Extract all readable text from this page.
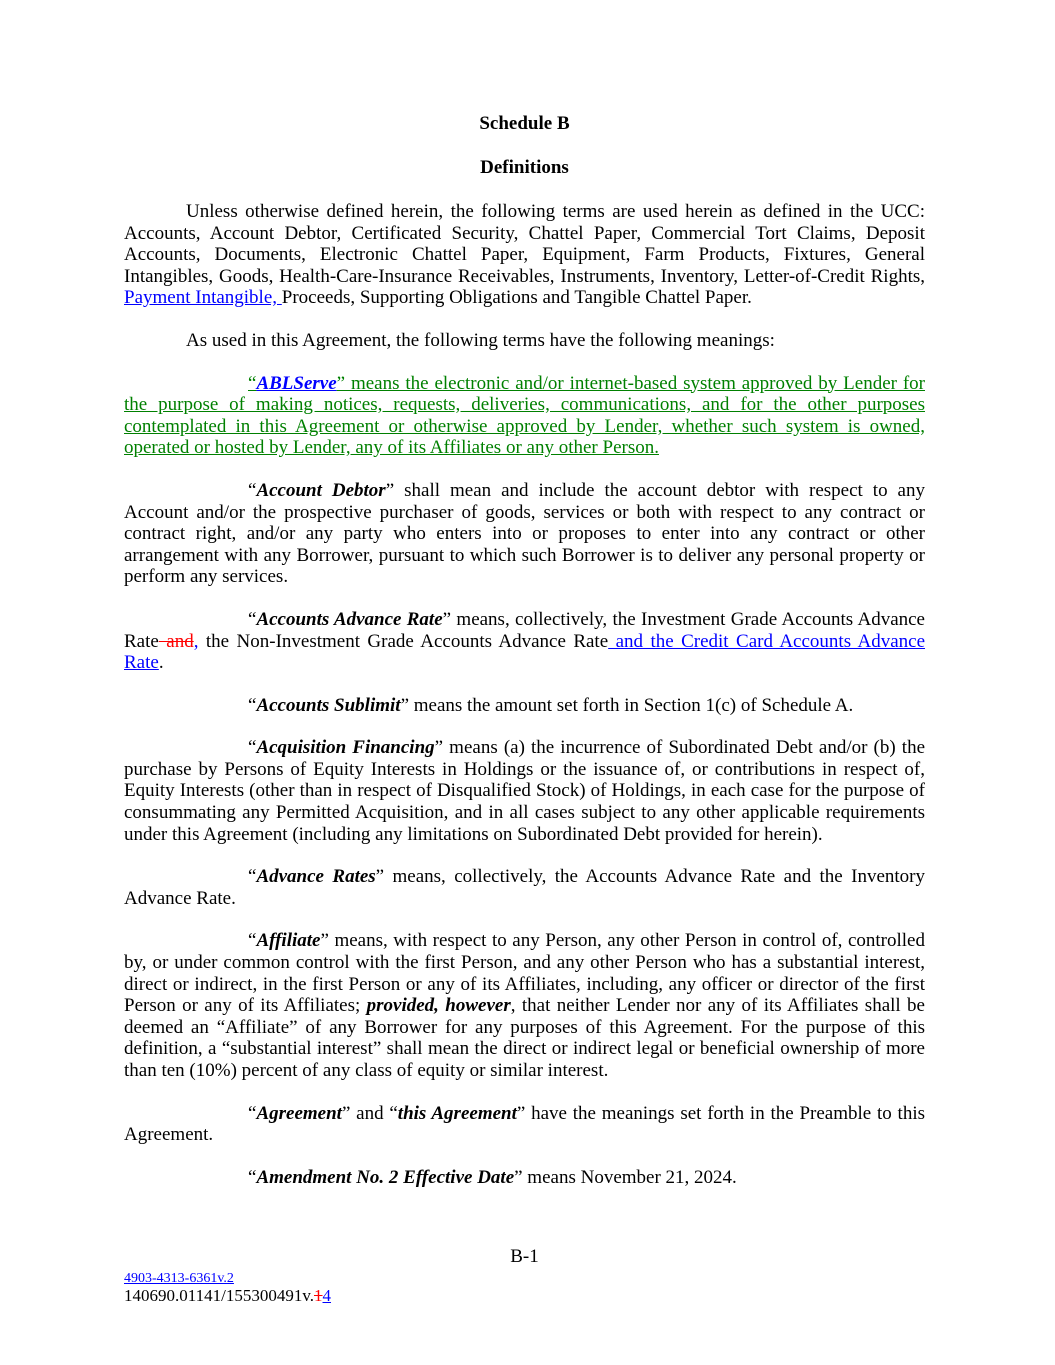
Schedule B
Definitions

Unless otherwise defined herein, the following terms are used herein as defined in the UCC: Accounts, Account Debtor, Certificated Security, Chattel Paper, Commercial Tort Claims, Deposit Accounts, Documents, Electronic Chattel Paper, Equipment, Farm Products, Fixtures, General Intangibles, Goods, Health-Care-Insurance Receivables, Instruments, Inventory, Letter-of-Credit Rights, Payment Intangible, Proceeds, Supporting Obligations and Tangible Chattel Paper.

As used in this Agreement, the following terms have the following meanings:

“ABLServe” means the electronic and/or internet-based system approved by Lender for the purpose of making notices, requests, deliveries, communications, and for the other purposes contemplated in this Agreement or otherwise approved by Lender, whether such system is owned, operated or hosted by Lender, any of its Affiliates or any other Person.

“Account Debtor” shall mean and include the account debtor with respect to any Account and/or the prospective purchaser of goods, services or both with respect to any contract or contract right, and/or any party who enters into or proposes to enter into any contract or other arrangement with any Borrower, pursuant to which such Borrower is to deliver any personal property or perform any services.

“Accounts Advance Rate” means, collectively, the Investment Grade Accounts Advance Rate and, the Non-Investment Grade Accounts Advance Rate and the Credit Card Accounts Advance Rate.

“Accounts Sublimit” means the amount set forth in Section 1(c) of Schedule A.

“Acquisition Financing” means (a) the incurrence of Subordinated Debt and/or (b) the purchase by Persons of Equity Interests in Holdings or the issuance of, or contributions in respect of, Equity Interests (other than in respect of Disqualified Stock) of Holdings, in each case for the purpose of consummating any Permitted Acquisition, and in all cases subject to any other applicable requirements under this Agreement (including any limitations on Subordinated Debt provided for herein).

“Advance Rates” means, collectively, the Accounts Advance Rate and the Inventory Advance Rate.

“Affiliate” means, with respect to any Person, any other Person in control of, controlled by, or under common control with the first Person, and any other Person who has a substantial interest, direct or indirect, in the first Person or any of its Affiliates, including, any officer or director of the first Person or any of its Affiliates; provided, however, that neither Lender nor any of its Affiliates shall be deemed an “Affiliate” of any Borrower for any purposes of this Agreement. For the purpose of this definition, a “substantial interest” shall mean the direct or indirect legal or beneficial ownership of more than ten (10%) percent of any class of equity or similar interest.

“Agreement” and “this Agreement” have the meanings set forth in the Preamble to this Agreement.

“Amendment No. 2 Effective Date” means November 21, 2024.

B-1
4903-4313-6361v.2
140690.01141/155300491v.14
